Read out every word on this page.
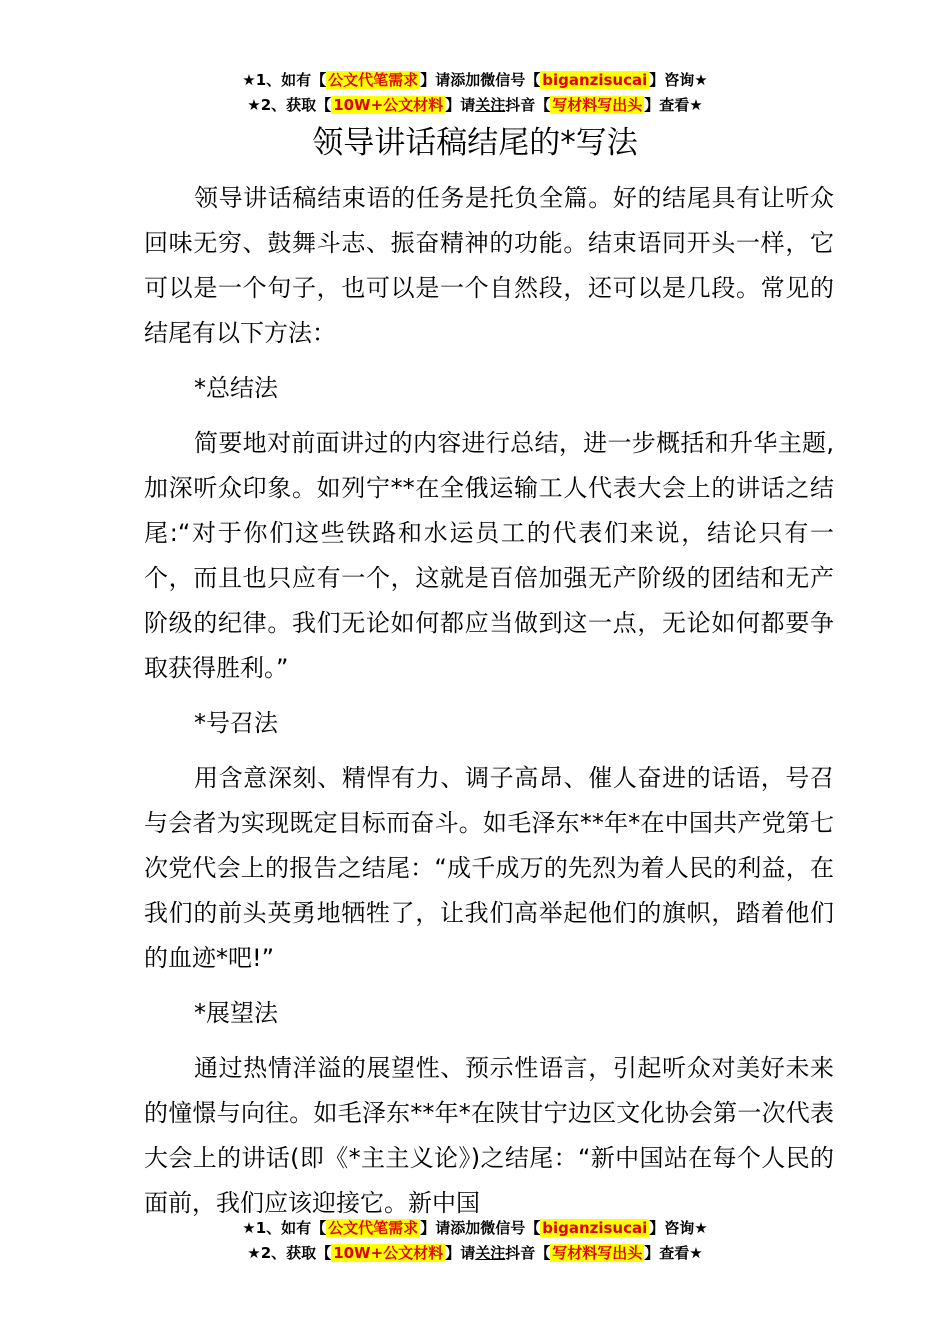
★1、如有【 公文代笔需求 】请添加微信号【 biganzisucai 】咨询★
★2、获取【 10W+公文材料 】请关注抖音【 写材料写出头 】查看★
领导讲话稿结尾的*写法

领导讲话稿结束语的任务是托负全篇。好的结尾具有让听众回味无穷、鼓舞斗志、振奋精神的功能。结束语同开头一样，它可以是一个句子，也可以是一个自然段，还可以是几段。常见的结尾有以下方法：

*总结法

简要地对前面讲过的内容进行总结，进一步概括和升华主题,加深听众印象。如列宁**在全俄运输工人代表大会上的讲话之结尾:“对于你们这些铁路和水运员工的代表们来说，结论只有一个，而且也只应有一个，这就是百倍加强无产阶级的团结和无产阶级的纪律。我们无论如何都应当做到这一点，无论如何都要争取获得胜利。”

*号召法

用含意深刻、精悍有力、调子高昂、催人奋进的话语，号召与会者为实现既定目标而奋斗。如毛泽东**年*在中国共产党第七次党代会上的报告之结尾：“成千成万的先烈为着人民的利益，在我们的前头英勇地牺牲了，让我们高举起他们的旗帜，踏着他们的血迹*吧!”

*展望法

通过热情洋溢的展望性、预示性语言，引起听众对美好未来的憧憬与向往。如毛泽东**年*在陕甘宁边区文化协会第一次代表大会上的讲话(即《*主主义论》)之结尾：“新中国站在每个人民的面前，我们应该迎接它。新中国

★1、如有【 公文代笔需求 】请添加微信号【 biganzisucai 】咨询★
★2、获取【 10W+公文材料 】请关注抖音【 写材料写出头 】查看★
